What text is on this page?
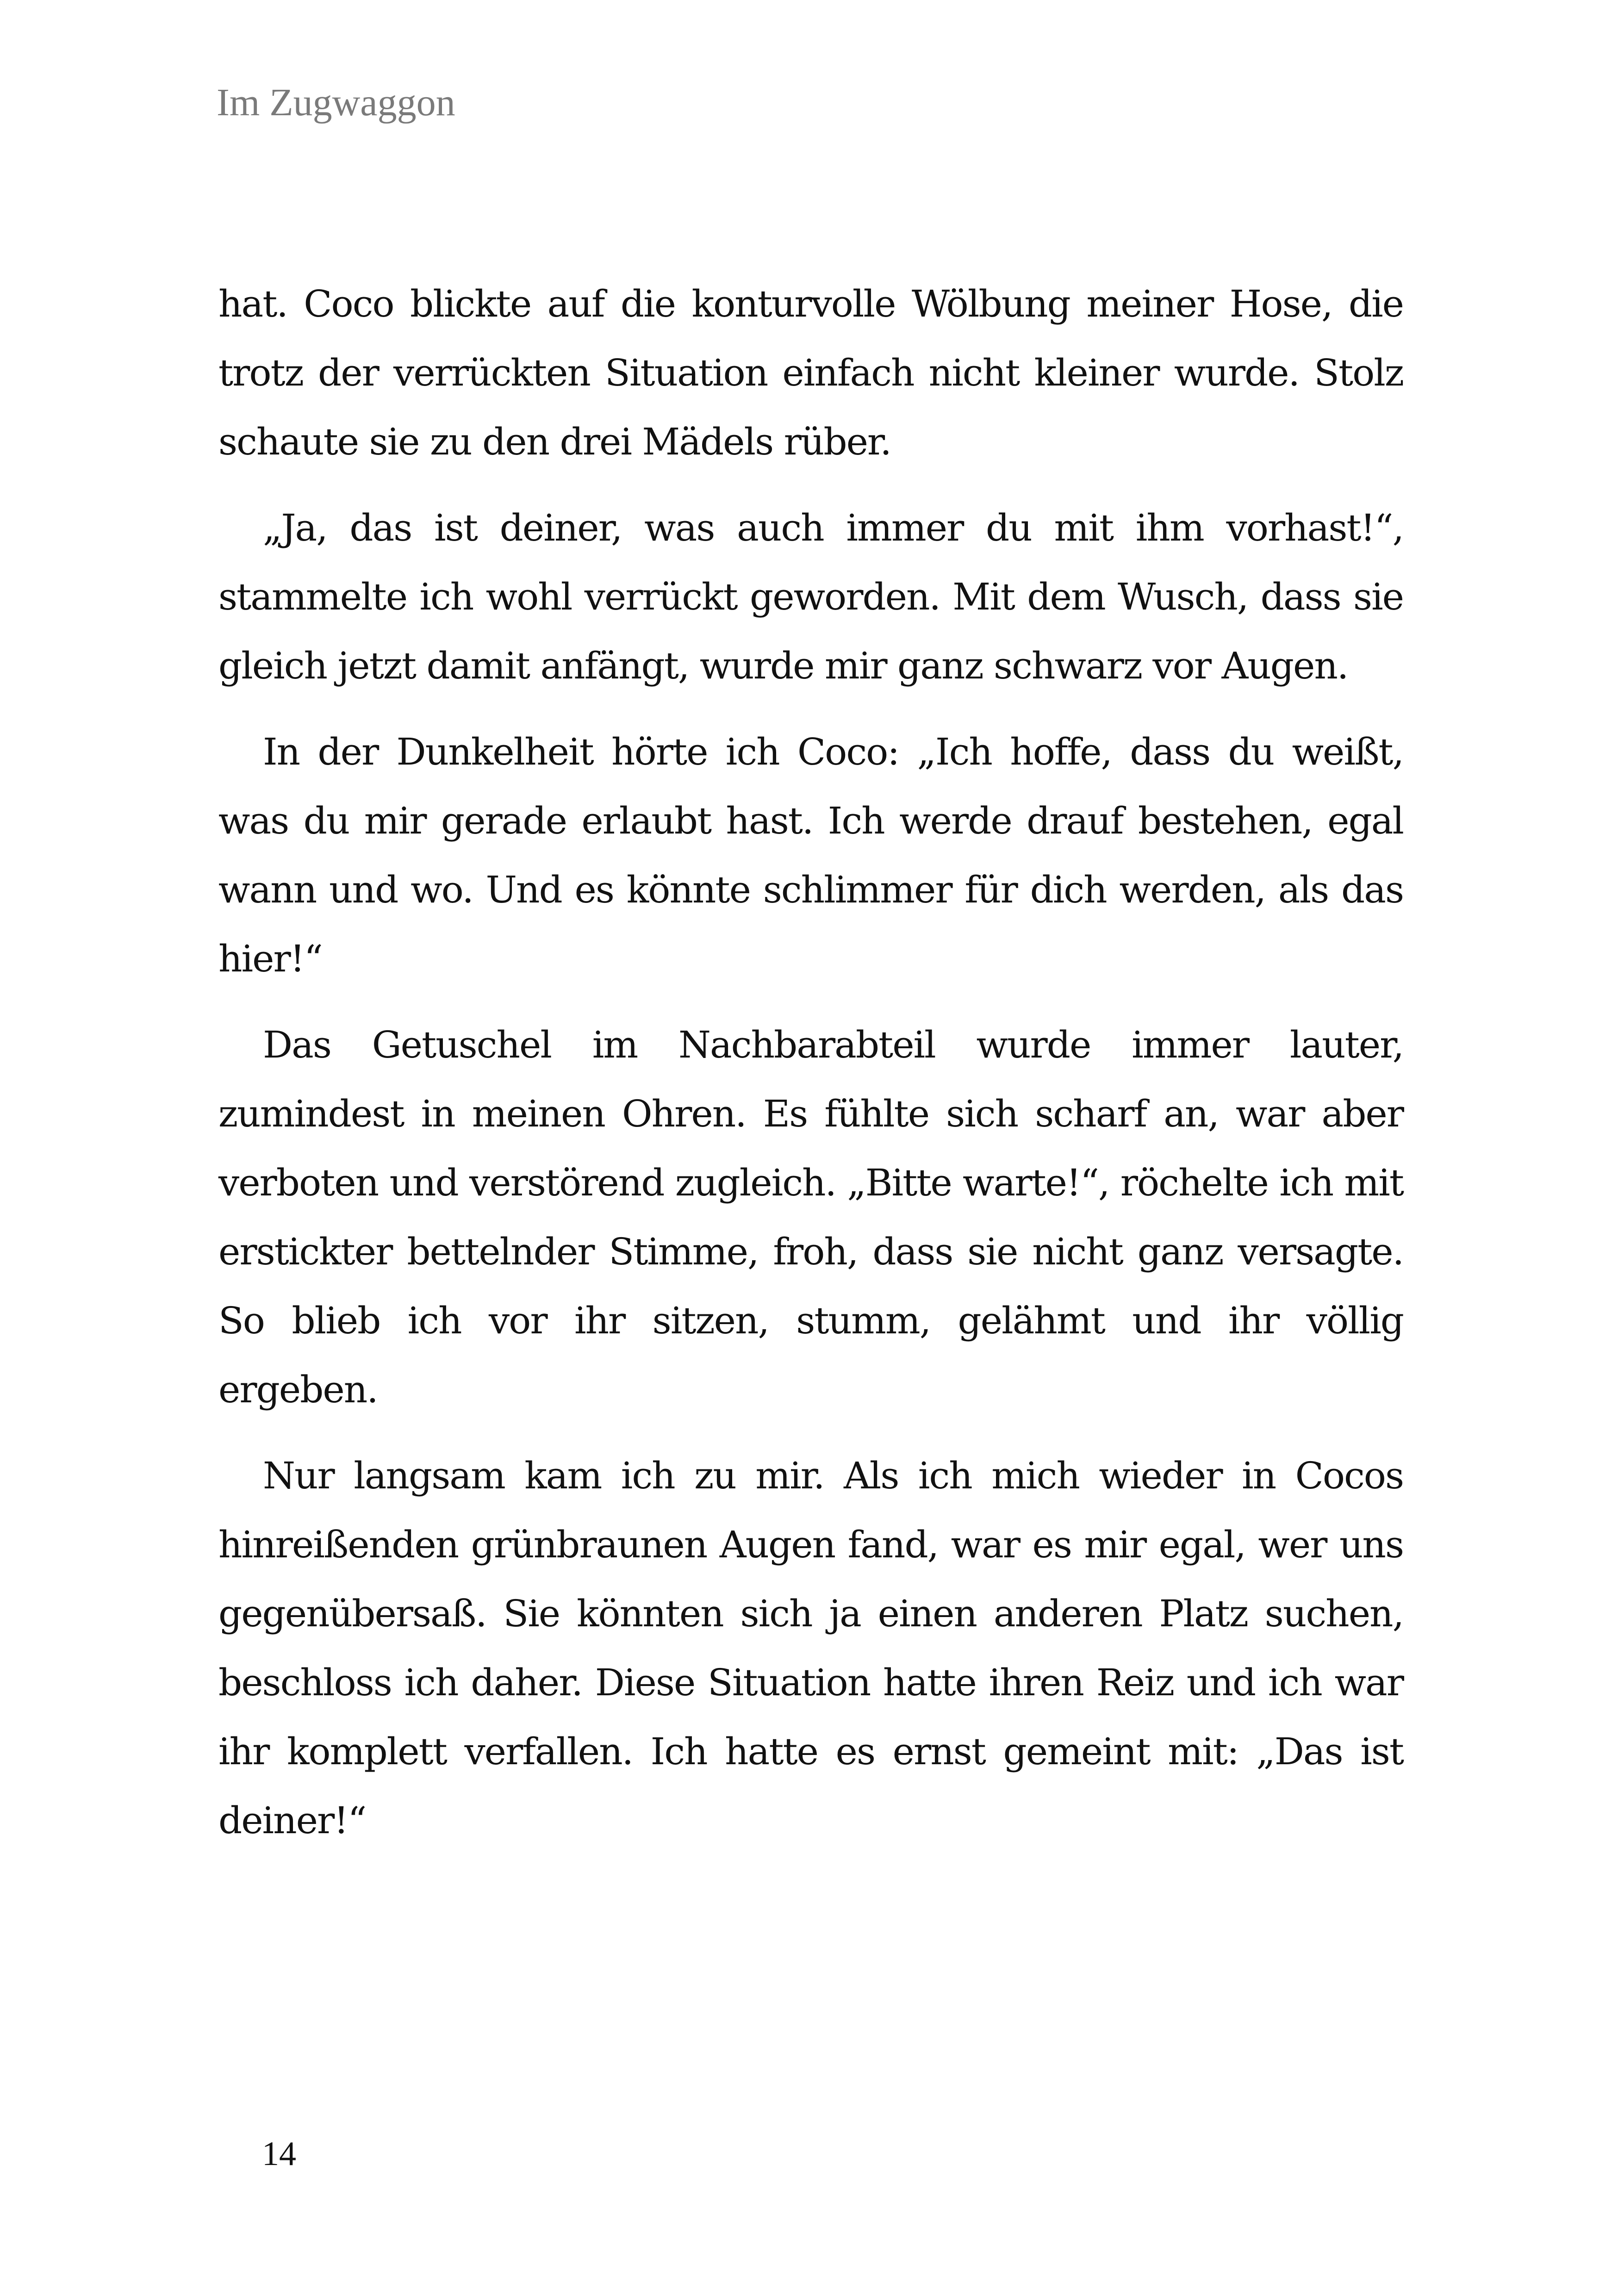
Im Zugwaggon

hat. Coco blickte auf die konturvolle Wölbung meiner Hose, die trotz der verrückten Situation einfach nicht kleiner wurde. Stolz schaute sie zu den drei Mädels rüber.

„Ja, das ist deiner, was auch immer du mit ihm vorhast!“, stammelte ich wohl verrückt geworden. Mit dem Wusch, dass sie gleich jetzt damit anfängt, wurde mir ganz schwarz vor Augen.

In der Dunkelheit hörte ich Coco: „Ich hoffe, dass du weißt, was du mir gerade erlaubt hast. Ich werde drauf bestehen, egal wann und wo. Und es könnte schlimmer für dich werden, als das hier!“

Das Getuschel im Nachbarabteil wurde immer lauter, zumindest in meinen Ohren. Es fühlte sich scharf an, war aber verboten und verstörend zugleich. „Bitte warte!“, röchelte ich mit erstickter bettelnder Stimme, froh, dass sie nicht ganz versagte. So blieb ich vor ihr sitzen, stumm, gelähmt und ihr völlig ergeben.

Nur langsam kam ich zu mir. Als ich mich wieder in Cocos hinreißenden grünbraunen Augen fand, war es mir egal, wer uns gegenübersaß. Sie könnten sich ja einen anderen Platz suchen, beschloss ich daher. Diese Situation hatte ihren Reiz und ich war ihr komplett verfallen. Ich hatte es ernst gemeint mit: „Das ist deiner!“

14
